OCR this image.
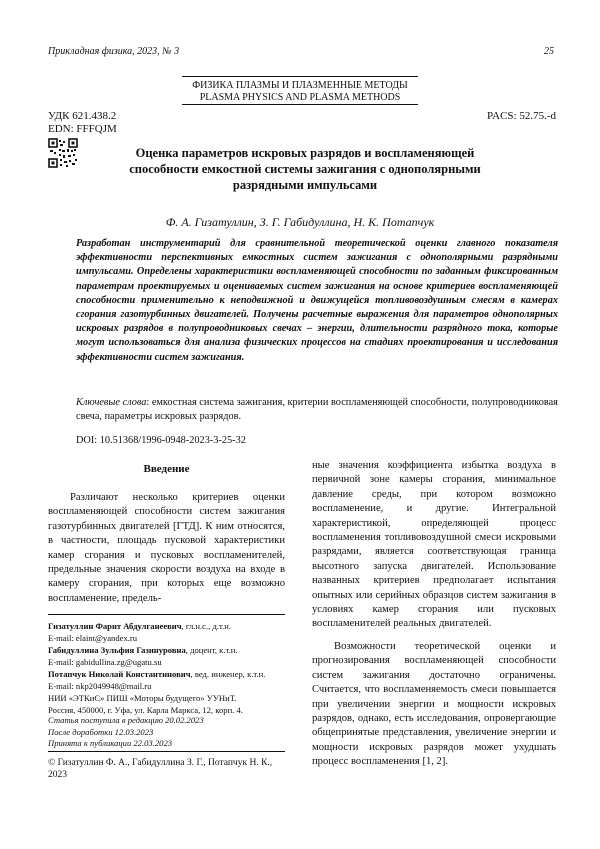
Прикладная физика, 2023, № 3	25
ФИЗИКА ПЛАЗМЫ И ПЛАЗМЕННЫЕ МЕТОДЫ
PLASMA PHYSICS AND PLASMA METHODS
УДК 621.438.2
EDN: FFFQJM
PACS: 52.75.-d
Оценка параметров искровых разрядов и воспламеняющей способности емкостной системы зажигания с однополярными разрядными импульсами
Ф. А. Гизатуллин, З. Г. Габидуллина, Н. К. Потапчук
Разработан инструментарий для сравнительной теоретической оценки главного показателя эффективности перспективных емкостных систем зажигания с однополярными разрядными импульсами. Определены характеристики воспламеняющей способности по заданным фиксированным параметрам проектируемых и оцениваемых систем зажигания на основе критериев воспламеняющей способности применительно к неподвижной и движущейся топливовоздушным смесям в камерах сгорания газотурбинных двигателей. Получены расчетные выражения для параметров однополярных искровых разрядов в полупроводниковых свечах – энергии, длительности разрядного тока, которые могут использоваться для анализа физических процессов на стадиях проектирования и исследования эффективности систем зажигания.
Ключевые слова: емкостная система зажигания, критерии воспламеняющей способности, полупроводниковая свеча, параметры искровых разрядов.
DOI: 10.51368/1996-0948-2023-3-25-32
Введение

Различают несколько критериев оценки воспламеняющей способности систем зажигания газотурбинных двигателей [ГТД]. К ним относятся, в частности, площадь пусковой характеристики камер сгорания и пусковых воспламенителей, предельные значения скорости воздуха на входе в камеру сгорания, при которых еще возможно воспламенение, предель-

ные значения коэффициента избытка воздуха в первичной зоне камеры сгорания, минимальное давление среды, при котором возможно воспламенение, и другие. Интегральной характеристикой, определяющей процесс воспламенения топливовоздушной смеси искровыми разрядами, является соответствующая граница высотного запуска двигателей. Использование названных критериев предполагает испытания опытных или серийных образцов систем зажигания в условиях камер сгорания или пусковых воспламенителей реальных двигателей.

Возможности теоретической оценки и прогнозирования воспламеняющей способности систем зажигания достаточно ограничены. Считается, что воспламеняемость смеси повышается при увеличении энергии и мощности искровых разрядов, однако, есть исследования, опровергающие общепринятые представления, увеличение энергии и мощности искровых разрядов может ухудшать процесс воспламенения [1, 2].

Гизатуллин Фарит Абдулганеевич, гл.н.с., д.т.н.
E-mail: elaint@yandex.ru
Габидуллина Зульфия Газинуровна, доцент, к.т.н.
E-mail: gabidullina.zg@ugatu.su
Потапчук Николай Константинович, вед. инженер, к.т.н.
E-mail: nkp2049948@mail.ru
НИИ «ЭТКиС» ПИШ «Моторы будущего» УУНиТ.
Россия, 450000, г. Уфа, ул. Карла Маркса, 12, корп. 4.
Статья поступила в редакцию 20.02.2023
После доработки 12.03.2023
Принята к публикации 22.03.2023
© Гизатуллин Ф. А., Габидуллина З. Г., Потапчук Н. К., 2023
